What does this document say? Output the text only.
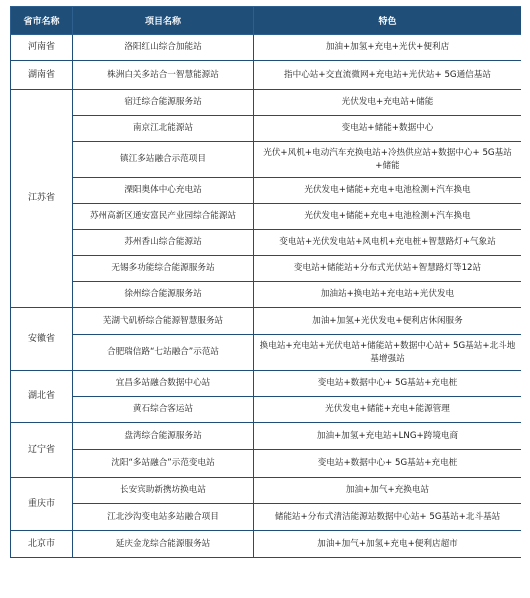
省市名称	项目名称	特色
河南省	洛阳红山综合加能站	加油+加氢+充电+光伏+便利店
湖南省	株洲白关多站合一智慧能源站	指中心站+交直流微网+充电站+光伏站+ 5G通信基站
江苏省	宿迁综合能源服务站	光伏发电+充电站+储能
	南京江北能源站	变电站+储能+数据中心
	镇江多站融合示范项目	光伏+风机+电动汽车充换电站+冷热供应站+数据中心+ 5G基站+储能
	溧阳奥体中心充电站	光伏发电+储能+充电+电池检测+汽车换电
	苏州高新区通安富民产业园综合能源站	光伏发电+储能+充电+电池检测+汽车换电
	苏州香山综合能源站	变电站+光伏发电站+风电机+充电桩+智慧路灯+气象站
	无锡多功能综合能源服务站	变电站+储能站+分布式光伏站+智慧路灯等12站
	徐州综合能源服务站	加油站+换电站+充电站+光伏发电
安徽省	芜湖弋矶桥综合能源智慧服务站	加油+加氢+光伏发电+便利店休闲服务
	合肥瑞信路“七站融合”示范站	换电站+充电站+光伏电站+储能站+数据中心站+ 5G基站+北斗地基增强站
湖北省	宜昌多站融合数据中心站	变电站+数据中心+ 5G基站+充电桩
	黄石综合客运站	光伏发电+储能+充电+能源管理
辽宁省	盘湾综合能源服务站	加油+加氢+充电站+LNG+跨境电商
	沈阳“多站融合”示范变电站	变电站+数据中心+ 5G基站+充电桩
重庆市	长安宾助新携坊换电站	加油+加气+充换电站
	江北沙沟变电站多站融合项目	储能站+分布式清洁能源站数据中心站+ 5G基站+北斗基站
北京市	延庆金龙综合能源服务站	加油+加气+加氢+充电+便利店超市
